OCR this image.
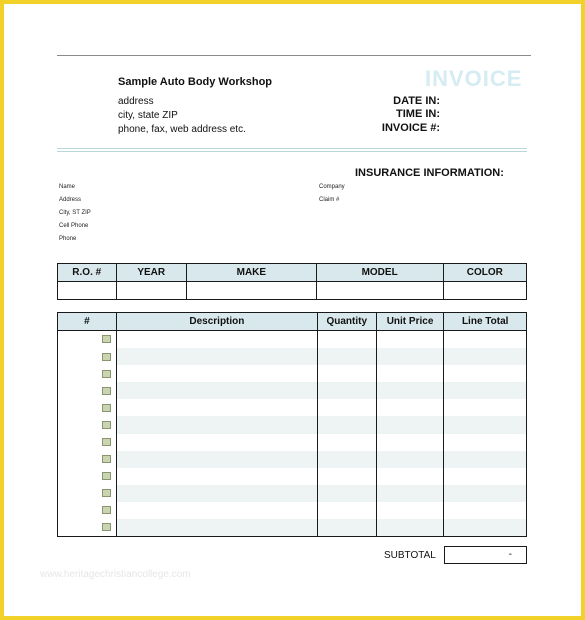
Sample Auto Body Workshop
address
city, state ZIP
phone, fax, web address etc.
INVOICE
DATE IN:
TIME IN:
INVOICE #:
INSURANCE INFORMATION:
Name
Address
City, ST ZIP
Cell Phone
Phone
Company
Claim #
R.O. #	YEAR	MAKE	MODEL	COLOR

#	Description	Quantity	Unit Price	Line Total

SUBTOTAL	-
www.heritagechristiancollege.com
